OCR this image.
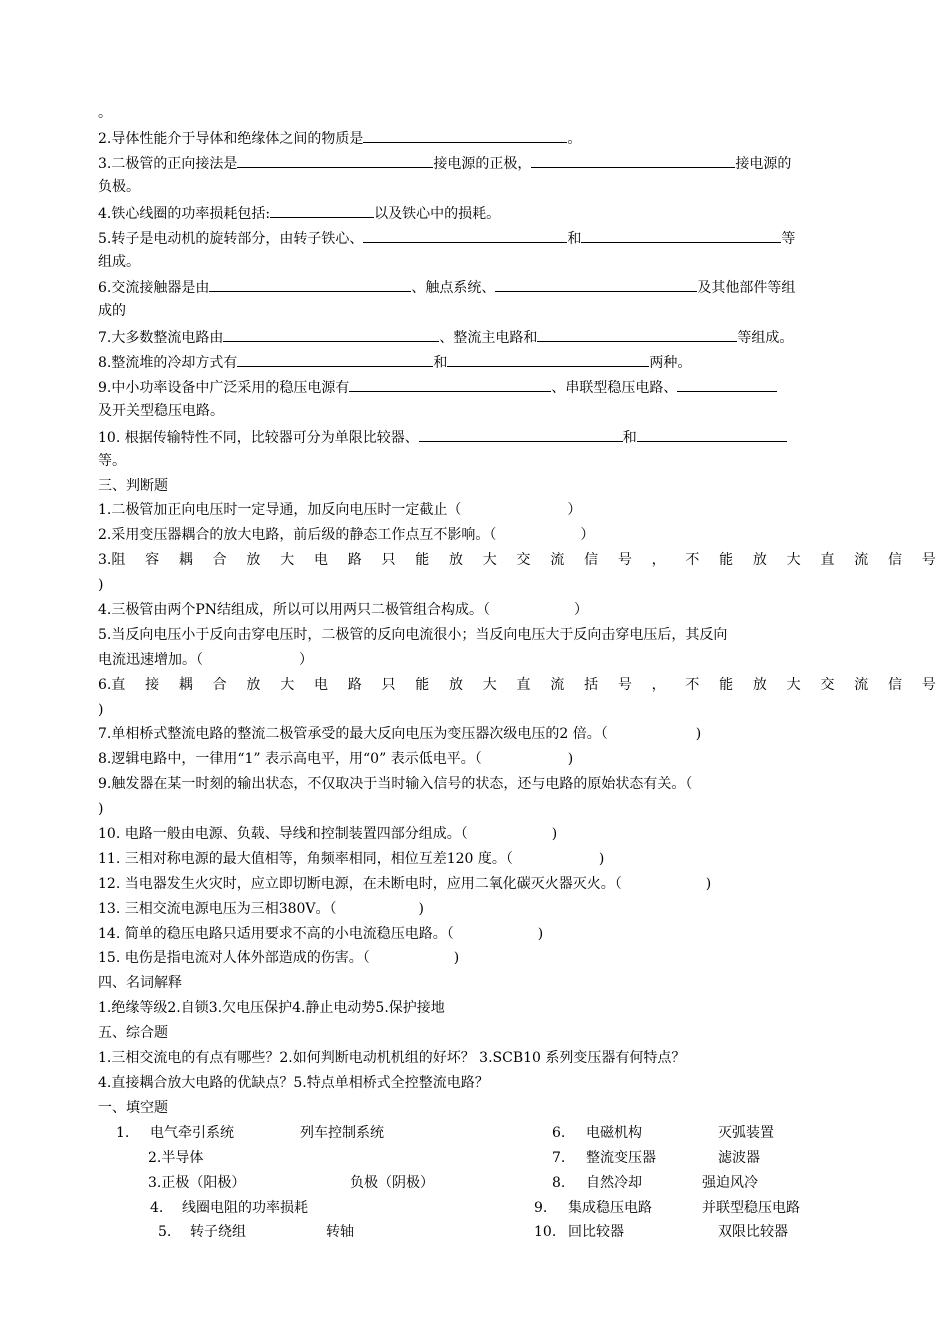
。
2.导体性能介于导体和绝缘体之间的物质是	。
3.二极管的正向接法是	接电源的正极，	接电源的
负极。
4.铁心线圈的功率损耗包括:	以及铁心中的损耗。
5.转子是电动机的旋转部分，由转子铁心、	和	等
组成。
6.交流接触器是由	、触点系统、	及其他部件等组
成的
7.大多数整流电路由	、整流主电路和	等组成。
8.整流堆的冷却方式有	和	两种。
9.中小功率设备中广泛采用的稳压电源有	、串联型稳压电路、
及开关型稳压电路。
10. 根据传输特性不同，比较器可分为单限比较器、	和
等。
三、判断题
1.二极管加正向电压时一定导通，加反向电压时一定截止（	）
2.采用变压器耦合的放大电路，前后级的静态工作点互不影响。（	）
3.阻 容 耦 合 放 大 电 路 只 能 放 大 交 流 信 号 ， 不 能 放 大 直 流 信 号
)
4.三极管由两个PN结组成，所以可以用两只二极管组合构成。（	）
5.当反向电压小于反向击穿电压时，二极管的反向电流很小；当反向电压大于反向击穿电压后，其反向
电流迅速增加。（	）
6.直 接 耦 合 放 大 电 路 只 能 放 大 直 流 括 号 ， 不 能 放 大 交 流 信 号
)
7.单相桥式整流电路的整流二极管承受的最大反向电压为变压器次级电压的2 倍。（	)
8.逻辑电路中，一律用“1” 表示高电平，用“0” 表示低电平。（	)
9.触发器在某一时刻的输出状态，不仅取决于当时输入信号的状态，还与电路的原始状态有关。（
)
10. 电路一般由电源、负载、导线和控制装置四部分组成。（	)
11. 三相对称电源的最大值相等，角频率相同，相位互差120 度。（	)
12. 当电器发生火灾时，应立即切断电源，在未断电时，应用二氧化碳灭火器灭火。（	)
13. 三相交流电源电压为三相380V。（	)
14. 简单的稳压电路只适用要求不高的小电流稳压电路。（	)
15. 电伤是指电流对人体外部造成的伤害。（	)
四、名词解释
1.绝缘等级2.自锁3.欠电压保护4.静止电动势5.保护接地
五、综合题
1.三相交流电的有点有哪些？2.如何判断电动机机组的好坏？ 3.SCB10 系列变压器有何特点？
4.直接耦合放大电路的优缺点？5.特点单相桥式全控整流电路？
一、填空题
1. 电气牵引系统	列车控制系统
2.半导体
3.正极（阳极）	负极（阴极）
4. 线圈电阻的功率损耗
5. 转子绕组	转轴
6. 电磁机构	灭弧装置
7. 整流变压器	滤波器
8. 自然冷却	强迫风冷
9. 集成稳压电路	并联型稳压电路
10. 回比较器	双限比较器
